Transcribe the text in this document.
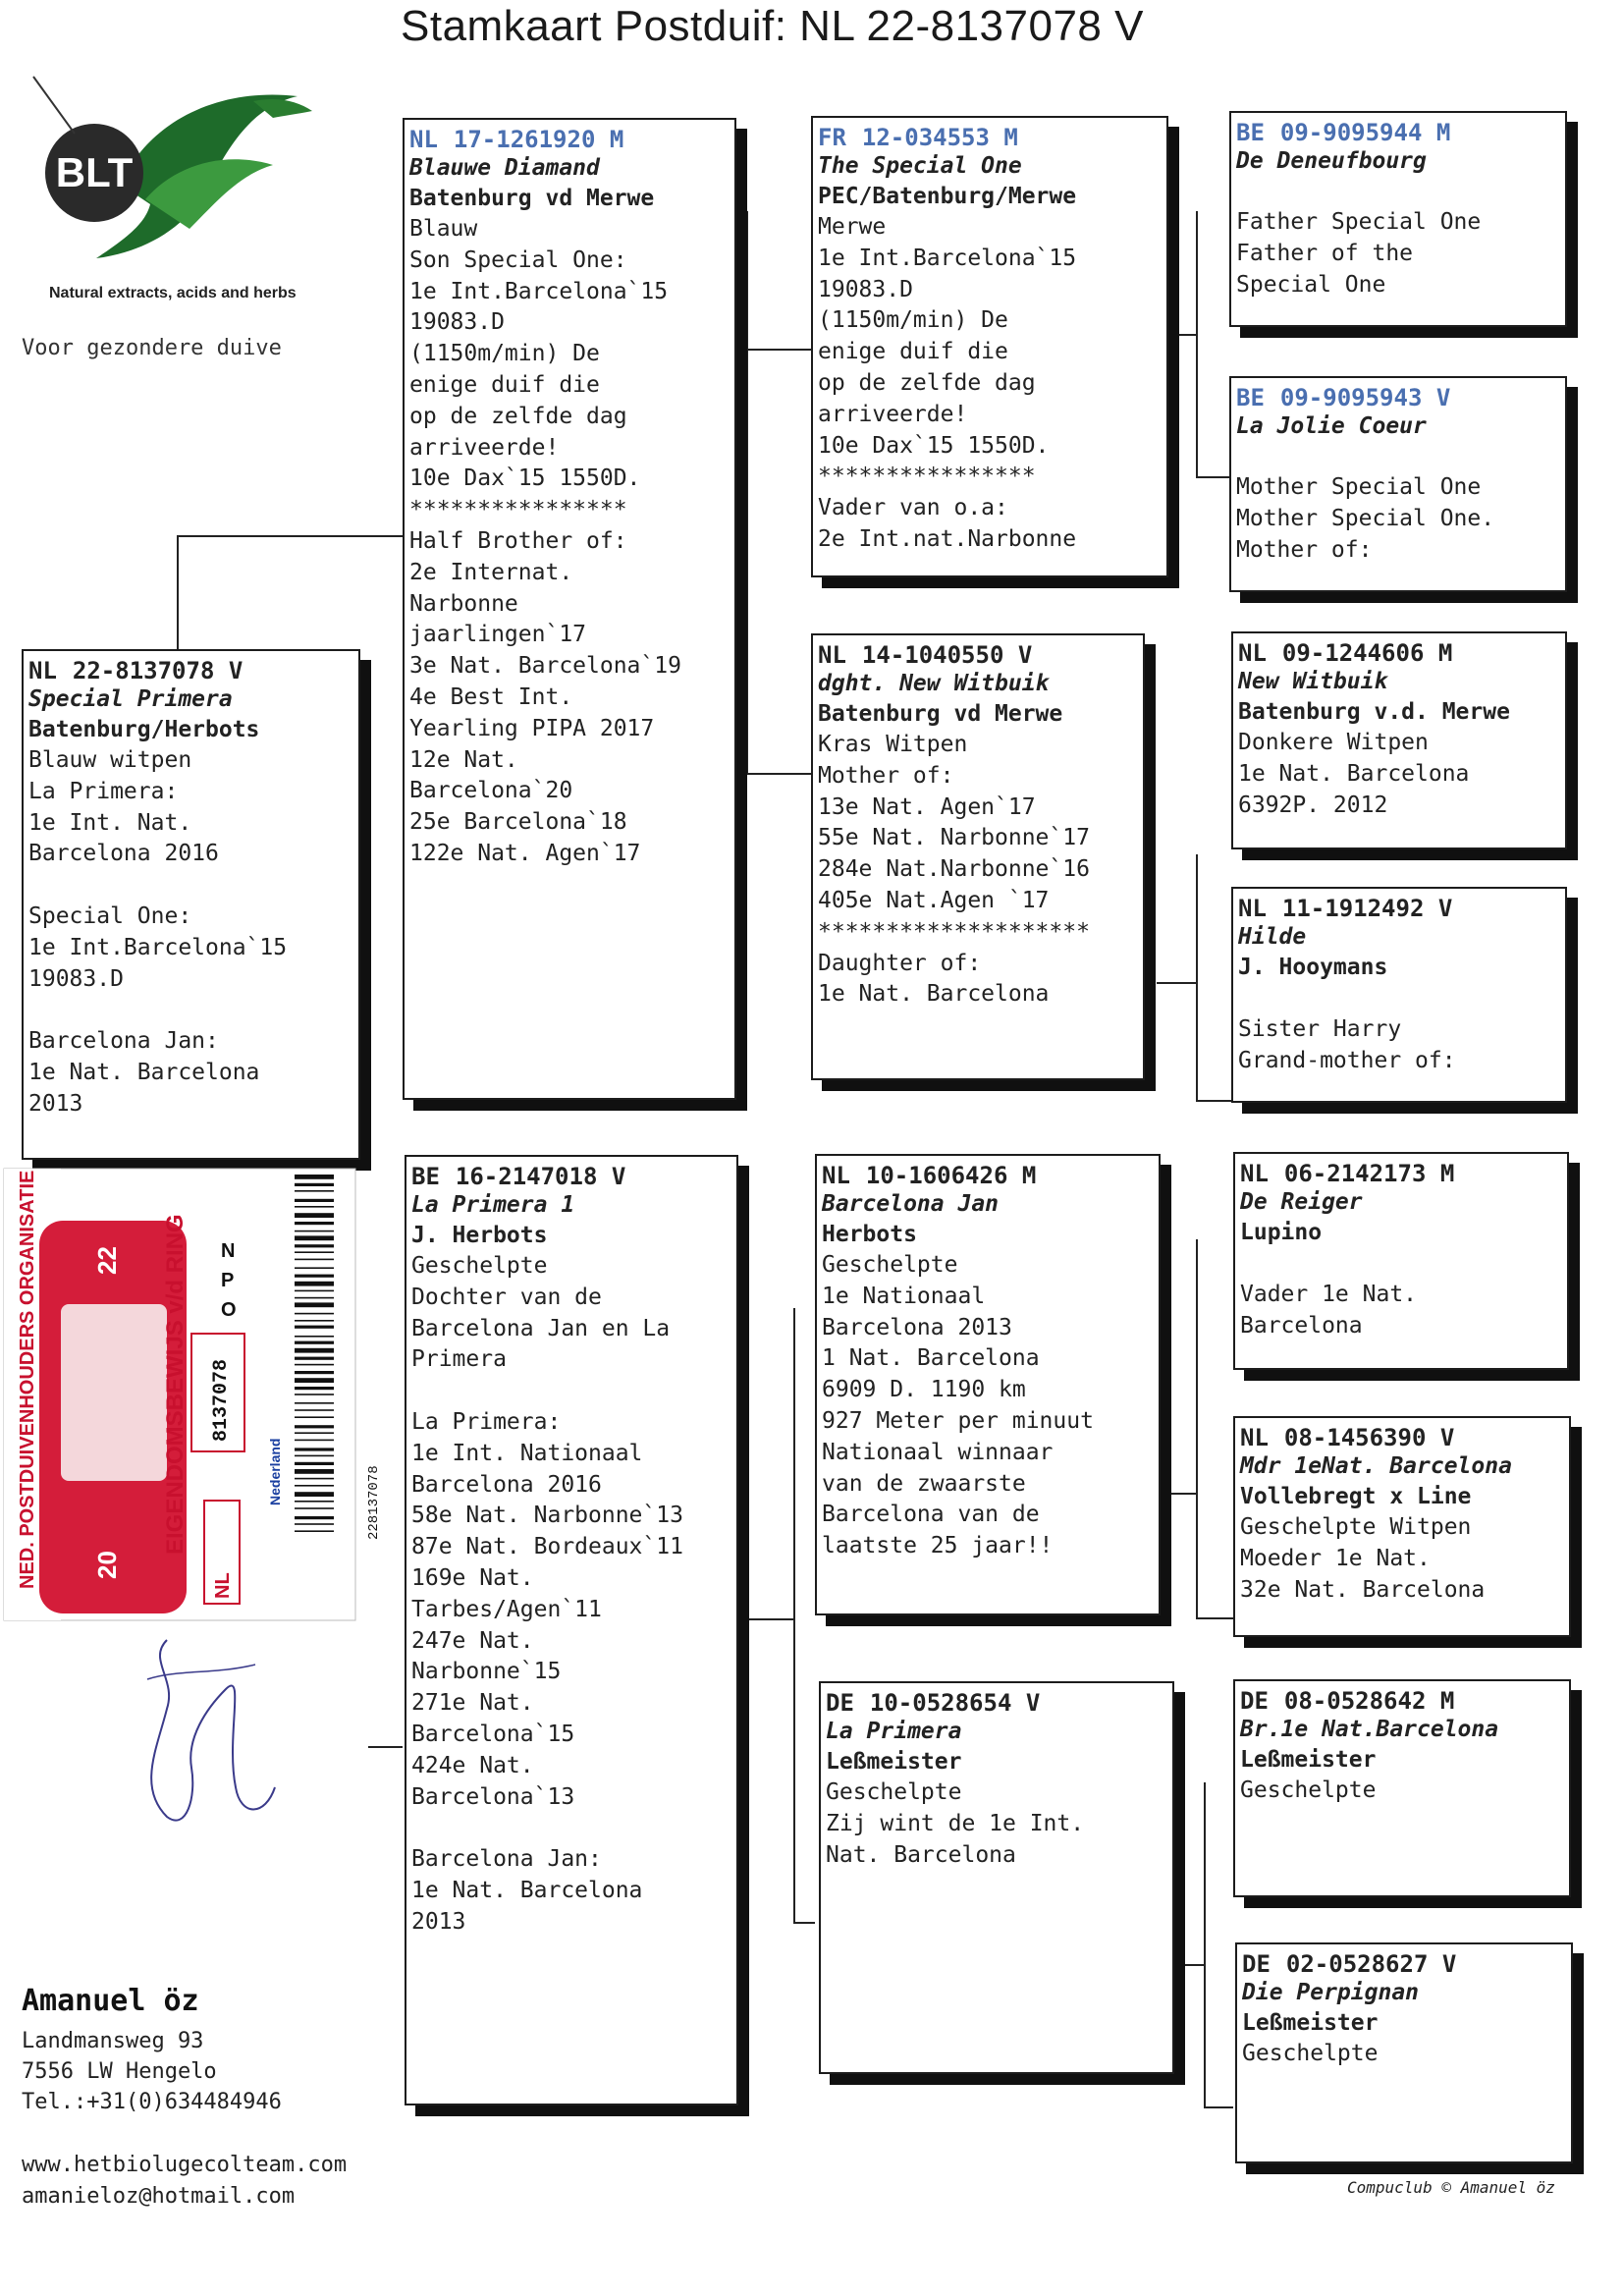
Stamkaart Postduif: NL 22-8137078 V
BLT
Natural extracts, acids and herbs
Voor gezondere duive
NL 22-8137078 V
Special Primera
Batenburg/Herbots
Blauw witpen
La Primera:
1e Int. Nat.
Barcelona 2016
Special One:
1e Int.Barcelona`15
19083.D
Barcelona Jan:
1e Nat. Barcelona
2013
NED. POSTDUIVENHOUDERS ORGANISATIE 20
22 EIGENDOMSBEWIJS v/d RING 8137078
NL
Nederland
N
P
O
228137078
NL 17-1261920 M
Blauwe Diamand
Batenburg vd Merwe
Blauw
Son Special One:
1e Int.Barcelona`15
19083.D
(1150m/min) De
enige duif die
op de zelfde dag
arriveerde!
10e Dax`15 1550D.
****************
Half Brother of:
2e Internat.
Narbonne
jaarlingen`17
3e Nat. Barcelona`19
4e Best Int.
Yearling PIPA 2017
12e Nat.
Barcelona`20
25e Barcelona`18
122e Nat. Agen`17
BE 16-2147018 V
La Primera 1
J. Herbots
Geschelpte
Dochter van de
Barcelona Jan en La
Primera
La Primera:
1e Int. Nationaal
Barcelona 2016
58e Nat. Narbonne`13
87e Nat. Bordeaux`11
169e Nat.
Tarbes/Agen`11
247e Nat.
Narbonne`15
271e Nat.
Barcelona`15
424e Nat.
Barcelona`13
Barcelona Jan:
1e Nat. Barcelona
2013
FR 12-034553 M
The Special One
PEC/Batenburg/Merwe
Merwe
1e Int.Barcelona`15
19083.D
(1150m/min) De
enige duif die
op de zelfde dag
arriveerde!
10e Dax`15 1550D.
****************
Vader van o.a:
2e Int.nat.Narbonne
NL 14-1040550 V
dght. New Witbuik
Batenburg vd Merwe
Kras Witpen
Mother of:
13e Nat. Agen`17
55e Nat. Narbonne`17
284e Nat.Narbonne`16
405e Nat.Agen `17
********************
Daughter of:
1e Nat. Barcelona
NL 10-1606426 M
Barcelona Jan
Herbots
Geschelpte
1e Nationaal
Barcelona 2013
1 Nat. Barcelona
6909 D. 1190 km
927 Meter per minuut
Nationaal winnaar
van de zwaarste
Barcelona van de
laatste 25 jaar!!
DE 10-0528654 V
La Primera
Leßmeister
Geschelpte
Zij wint de 1e Int.
Nat. Barcelona
BE 09-9095944 M
De Deneufbourg
Father Special One
Father of the
Special One
BE 09-9095943 V
La Jolie Coeur
Mother Special One
Mother Special One.
Mother of:
NL 09-1244606 M
New Witbuik
Batenburg v.d. Merwe
Donkere Witpen
1e Nat. Barcelona
6392P. 2012
NL 11-1912492 V
Hilde
J. Hooymans
Sister Harry
Grand-mother of:
NL 06-2142173 M
De Reiger
Lupino
Vader 1e Nat.
Barcelona
NL 08-1456390 V
Mdr 1eNat. Barcelona
Vollebregt x Line
Geschelpte Witpen
Moeder 1e Nat.
32e Nat. Barcelona
DE 08-0528642 M
Br.1e Nat.Barcelona
Leßmeister
Geschelpte
DE 02-0528627 V
Die Perpignan
Leßmeister
Geschelpte
Amanuel öz
Landmansweg 93
7556 LW Hengelo
Tel.:+31(0)634484946
www.hetbiolugecolteam.com
amanieloz@hotmail.com	Compuclub © Amanuel öz
